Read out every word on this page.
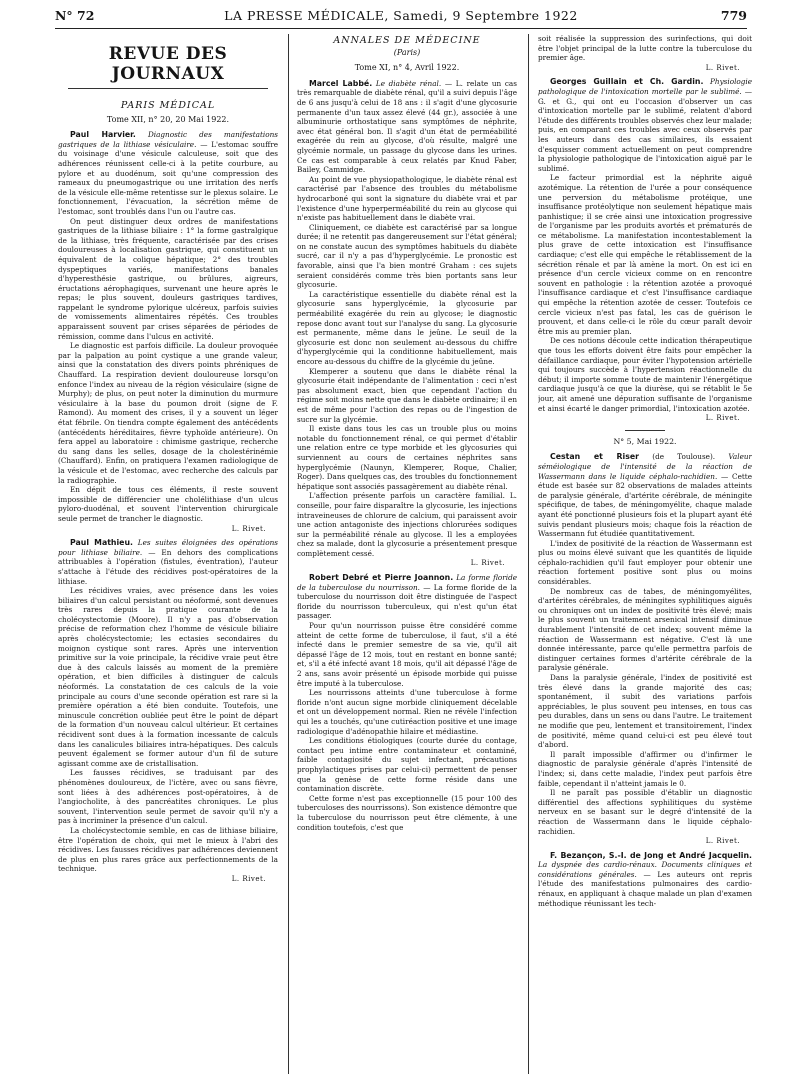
N° 72	LA PRESSE MÉDICALE, Samedi, 9 Septembre 1922	779
REVUE DES JOURNAUX
PARIS MÉDICAL
Tome XII, n° 20, 20 Mai 1922.

Paul Harvier. Diagnostic des manifestations gastriques de la lithiase vésiculaire. — L'estomac souffre du voisinage d'une vésicule calculeuse, soit que des adhérences réunissent celle-ci à la petite courbure, au pylore et au duodénum, soit qu'une compression des rameaux du pneumogastrique ou une irritation des nerfs de la vésicule elle-même retentisse sur le plexus solaire. Le fonctionnement, l'évacuation, la sécrétion même de l'estomac, sont troublés dans l'un ou l'autre cas.

On peut distinguer deux ordres de manifestations gastriques de la lithiase biliaire : 1° la forme gastralgique de la lithiase, très fréquente, caractérisée par des crises douloureuses à localisation gastrique, qui constituent un équivalent de la colique hépatique; 2° des troubles dyspeptiques variés, manifestations banales d'hyperesthésie gastrique, ou brûlures, aigreurs, éructations aérophagiques, survenant une heure après le repas; le plus souvent, douleurs gastriques tardives, rappelant le syndrome pylorique ulcéreux, parfois suivies de vomissements alimentaires répétés. Ces troubles apparaissent souvent par crises séparées de périodes de rémission, comme dans l'ulcus en activité.

Le diagnostic est parfois difficile. La douleur provoquée par la palpation au point cystique a une grande valeur, ainsi que la constatation des divers points phréniques de Chauffard. La respiration devient douloureuse lorsqu'on enfonce l'index au niveau de la région vésiculaire (signe de Murphy); de plus, on peut noter la diminution du murmure vésiculaire à la base du poumon droit (signe de F. Ramond). Au moment des crises, il y a souvent un léger état fébrile. On tiendra compte également des antécédents (antécédents héréditaires, fièvre typhoïde antérieure). On fera appel au laboratoire : chimisme gastrique, recherche du sang dans les selles, dosage de la cholestérinémie (Chauffard). Enfin, on pratiquera l'examen radiologique de la vésicule et de l'estomac, avec recherche des calculs par la radiographie.

En dépit de tous ces éléments, il reste souvent impossible de différencier une cholélithiase d'un ulcus pyloro-duodénal, et souvent l'intervention chirurgicale seule permet de trancher le diagnostic.

L. Rivet.

Paul Mathieu. Les suites éloignées des opérations pour lithiase biliaire. — En dehors des complications attribuables à l'opération (fistules, éventration), l'auteur s'attache à l'étude des récidives post-opératoires de la lithiase.

Les récidives vraies, avec présence dans les voies biliaires d'un calcul persistant ou néoformé, sont devenues très rares depuis la pratique courante de la cholécystectomie (Moore). Il n'y a pas d'observation précise de reformation chez l'homme de vésicule biliaire après cholécystectomie; les ectasies secondaires du moignon cystique sont rares. Après une intervention primitive sur la voie principale, la récidive vraie peut être due à des calculs laissés au moment de la première opération, et bien difficiles à distinguer de calculs néoformés. La constatation de ces calculs de la voie principale au cours d'une seconde opération est rare si la première opération a été bien conduite. Toutefois, une minuscule concrétion oubliée peut être le point de départ de la formation d'un nouveau calcul ultérieur. Et certaines récidivent sont dues à la formation incessante de calculs dans les canalicules biliaires intra-hépatiques. Des calculs peuvent également se former autour d'un fil de suture agissant comme axe de cristallisation.

Les fausses récidives, se traduisant par des phénomènes douloureux, de l'ictère, avec ou sans fièvre, sont liées à des adhérences post-opératoires, à de l'angiocholite, à des pancréatites chroniques. Le plus souvent, l'intervention seule permet de savoir qu'il n'y a pas à incriminer la présence d'un calcul.

La cholécystectomie semble, en cas de lithiase biliaire, être l'opération de choix, qui met le mieux à l'abri des récidives. Les fausses récidives par adhérences deviennent de plus en plus rares grâce aux perfectionnements de la technique.

L. Rivet.
ANNALES DE MÉDECINE
(Paris)
Tome XI, n° 4, Avril 1922.

Marcel Labbé. Le diabète rénal. — L. relate un cas très remarquable de diabète rénal, qu'il a suivi depuis l'âge de 6 ans jusqu'à celui de 18 ans : il s'agit d'une glycosurie permanente d'un taux assez élevé (44 gr.), associée à une albuminurie orthostatique sans symptômes de néphrite, avec état général bon. Il s'agit d'un état de perméabilité exagérée du rein au glycose, d'où résulte, malgré une glycémie normale, un passage du glycose dans les urines. Ce cas est comparable à ceux relatés par Knud Faber, Bailey, Cammidge.

Au point de vue physiopathologique, le diabète rénal est caractérisé par l'absence des troubles du métabolisme hydrocarboné qui sont la signature du diabète vrai et par l'existence d'une hyperperméabilité du rein au glycose qui n'existe pas habituellement dans le diabète vrai.

Cliniquement, ce diabète est caractérisé par sa longue durée; il ne retentit pas dangereusement sur l'état général; on ne constate aucun des symptômes habituels du diabète sucré, car il n'y a pas d'hyperglycémie. Le pronostic est favorable, ainsi que l'a bien montré Graham : ces sujets seraient considérés comme très bien portants sans leur glycosurie.

La caractéristique essentielle du diabète rénal est la glycosurie sans hyperglycémie, la glycosurie par perméabilité exagérée du rein au glycose; le diagnostic repose donc avant tout sur l'analyse du sang. La glycosurie est permanente, même dans le jeûne. Le seuil de la glycosurie est donc non seulement au-dessous du chiffre d'hyperglycémie qui la conditionne habituellement, mais encore au-dessous du chiffre de la glycémie du jeûne.

Klemperer a soutenu que dans le diabète rénal la glycosurie était indépendante de l'alimentation : ceci n'est pas absolument exact, bien que cependant l'action du régime soit moins nette que dans le diabète ordinaire; il en est de même pour l'action des repas ou de l'ingestion de sucre sur la glycémie.

Il existe dans tous les cas un trouble plus ou moins notable du fonctionnement rénal, ce qui permet d'établir une relation entre ce type morbide et les glycosuries qui surviennent au cours de certaines néphrites sans hyperglycémie (Naunyn, Klemperer, Roque, Chalier, Roger). Dans quelques cas, des troubles du fonctionnement hépatique sont associés passagèrement au diabète rénal.

L'affection présente parfois un caractère familial. L. conseille, pour faire disparaître la glycosurie, les injections intraveineuses de chlorure de calcium, qui paraissent avoir une action antagoniste des injections chlorurées sodiques sur la perméabilité rénale au glycose. Il les a employées chez sa malade, dont la glycosurie a présentement presque complètement cessé.

L. Rivet.

Robert Debré et Pierre Joannon. La forme floride de la tuberculose du nourrisson. — La forme floride de la tuberculose du nourrisson doit être distinguée de l'aspect floride du nourrisson tuberculeux, qui n'est qu'un état passager.

Pour qu'un nourrisson puisse être considéré comme atteint de cette forme de tuberculose, il faut, s'il a été infecté dans le premier semestre de sa vie, qu'il ait dépassé l'âge de 12 mois, tout en restant en bonne santé; et, s'il a été infecté avant 18 mois, qu'il ait dépassé l'âge de 2 ans, sans avoir présenté un épisode morbide qui puisse être imputé à la tuberculose.

Les nourrissons atteints d'une tuberculose à forme floride n'ont aucun signe morbide cliniquement décelable et ont un développement normal. Rien ne révèle l'infection qui les a touchés, qu'une cutiréaction positive et une image radiologique d'adénopathie hilaire et médiastine.

Les conditions étiologiques (courte durée du contage, contact peu intime entre contaminateur et contaminé, faible contagiosité du sujet infectant, précautions prophylactiques prises par celui-ci) permettent de penser que la genèse de cette forme réside dans une contamination discrète.

Cette forme n'est pas exceptionnelle (15 pour 100 des tuberculoses des nourrissons). Son existence démontre que la tuberculose du nourrisson peut être clémente, à une condition toutefois, c'est que

soit réalisée la suppression des surinfections, qui doit être l'objet principal de la lutte contre la tuberculose du premier âge.

L. Rivet.

Georges Guillain et Ch. Gardin. Physiologie pathologique de l'intoxication mortelle par le sublimé. — G. et G., qui ont eu l'occasion d'observer un cas d'intoxication mortelle par le sublimé, relatent d'abord l'étude des différents troubles observés chez leur malade; puis, en comparant ces troubles avec ceux observés par les auteurs dans des cas similaires, ils essaient d'esquisser comment actuellement on peut comprendre la physiologie pathologique de l'intoxication aiguë par le sublimé.

Le facteur primordial est la néphrite aiguë azotémique. La rétention de l'urée a pour conséquence une perversion du métabolisme protéique, une insuffisance protéolytique non seulement hépatique mais panhistique; il se crée ainsi une intoxication progressive de l'organisme par les produits avortés et prématurés de ce métabolisme. La manifestation incontestablement la plus grave de cette intoxication est l'insuffisance cardiaque; c'est elle qui empêche le rétablissement de la sécrétion rénale et par là amène la mort. On est ici en présence d'un cercle vicieux comme on en rencontre souvent en pathologie : la rétention azotée a provoqué l'insuffisance cardiaque et c'est l'insuffisance cardiaque qui empêche la rétention azotée de cesser. Toutefois ce cercle vicieux n'est pas fatal, les cas de guérison le prouvent, et dans celle-ci le rôle du cœur paraît devoir être mis au premier plan.

De ces notions découle cette indication thérapeutique que tous les efforts doivent être faits pour empêcher la défaillance cardiaque, pour éviter l'hypotension artérielle qui toujours succède à l'hypertension réactionnelle du début; il importe somme toute de maintenir l'énergétique cardiaque jusqu'à ce que la diurèse, qui se rétablit le 5e jour, ait amené une dépuration suffisante de l'organisme et ainsi écarté le danger primordial, l'intoxication azotée.

L. Rivet.
N° 5, Mai 1922.

Cestan et Riser (de Toulouse). Valeur séméiologique de l'intensité de la réaction de Wassermann dans le liquide céphalo-rachidien. — Cette étude est basée sur 82 observations de malades atteints de paralysie générale, d'artérite cérébrale, de méningite spécifique, de tabes, de méningomyélite, chaque malade ayant été ponctionné plusieurs fois et la plupart ayant été suivis pendant plusieurs mois; chaque fois la réaction de Wassermann fut étudiée quantitativement.

L'index de positivité de la réaction de Wassermann est plus ou moins élevé suivant que les quantités de liquide céphalo-rachidien qu'il faut employer pour obtenir une réaction fortement positive sont plus ou moins considérables.

De nombreux cas de tabes, de méningomyélites, d'artérites cérébrales, de méningites syphilitiques aiguës ou chroniques ont un index de positivité très élevé; mais le plus souvent un traitement arsenical intensif diminue durablement l'intensité de cet index; souvent même la réaction de Wassermann est négative. C'est là une donnée intéressante, parce qu'elle permettra parfois de distinguer certaines formes d'artérite cérébrale de la paralysie générale.

Dans la paralysie générale, l'index de positivité est très élevé dans la grande majorité des cas; spontanément, il subit des variations parfois appréciables, le plus souvent peu intenses, en tous cas peu durables, dans un sens ou dans l'autre. Le traitement ne modifie que peu, lentement et transitoirement, l'index de positivité, même quand celui-ci est peu élevé tout d'abord.

Il paraît impossible d'affirmer ou d'infirmer le diagnostic de paralysie générale d'après l'intensité de l'index; si, dans cette maladie, l'index peut parfois être faible, cependant il n'atteint jamais le 0.

Il ne paraît pas possible d'établir un diagnostic différentiel des affections syphilitiques du système nerveux en se basant sur le degré d'intensité de la réaction de Wassermann dans le liquide céphalo-rachidien.

L. Rivet.

F. Bezançon, S.-I. de Jong et André Jacquelin. La dyspnée des cardio-rénaux. Documents cliniques et considérations générales. — Les auteurs ont repris l'étude des manifestations pulmonaires des cardio-rénaux, en appliquant à chaque malade un plan d'examen méthodique réunissant les tech-
